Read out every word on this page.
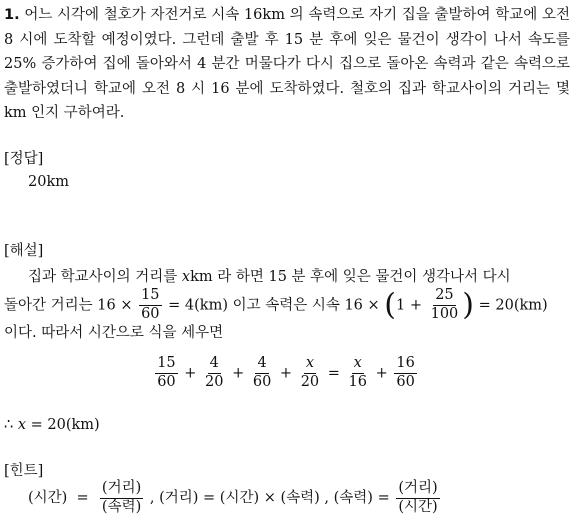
1. 어느 시각에 철호가 자전거로 시속 16km 의 속력으로 자기 집을 출발하여 학교에 오전 8 시에 도착할 예정이였다. 그런데 출발 후 15 분 후에 잊은 물건이 생각이 나서 속도를 25% 증가하여 집에 돌아와서 4 분간 머물다가 다시 집으로 돌아온 속력과 같은 속력으로 출발하였더니 학교에 오전 8 시 16 분에 도착하였다. 철호의 집과 학교사이의 거리는 몇 km 인지 구하여라.
[정답]
20km
[해설]
집과 학교사이의 거리를 xkm 라 하면 15 분 후에 잊은 물건이 생각나서 다시
돌아간 거리는 $16 \times \frac{15}{60} = 4(km)$ 이고 속력은 시속 $16 \times (1 + \frac{25}{100}$ ) = 20(km)
이다. 따라서 시간으로 식을 세우면
$\frac{15}{60} + \frac{4}{20} + \frac{4}{60} + \frac{x}{20} = \frac{x}{16} + \frac{16}{60}$
∴ x = 20(km)
[힌트]
(시간) = $\frac{\text{(거리)}}{\text{(속력)}}$ , (거리) = (시간) × (속력) , (속력) = $\frac{\text{(거리)}}{\text{(시간)}}$
